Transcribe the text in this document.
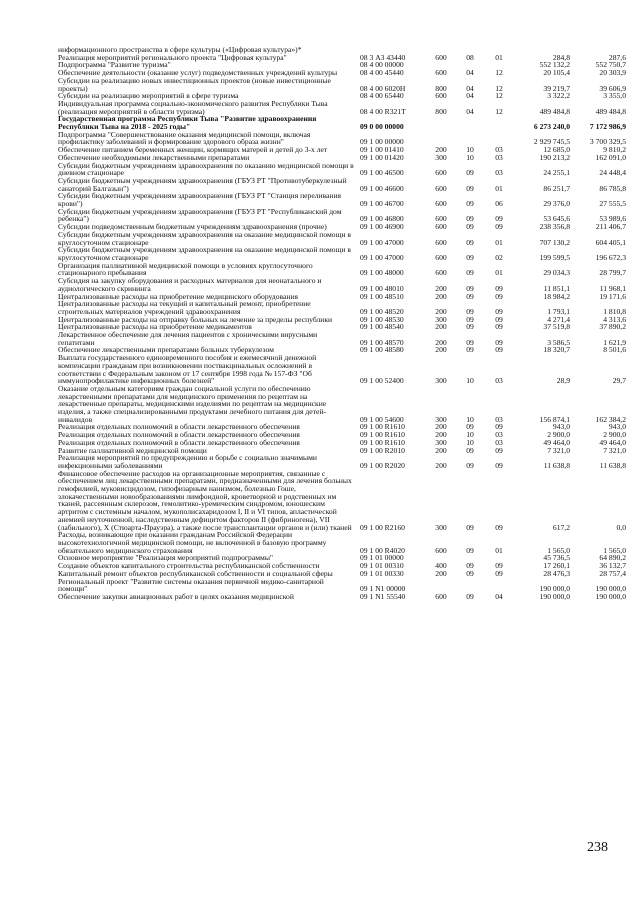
информационного пространства в сфере культуры («Цифровая культура»)*						
Реализация мероприятий регионального проекта "Цифровая культура"	08 3 А3 43440	600	08	01	284,8	287,6
Подпрограмма "Развитие туризма"	08 4 00 00000				552 132,2	552 750,7
Обеспечение деятельности (оказание услуг) подведомственных учреждений культуры	08 4 00 45440	600	04	12	20 105,4	20 303,9
Субсидии на реализацию новых инвестиционных проектов (новые инвестиционные проекты)	08 4 00 6020Н	800	04	12	39 219,7	39 606,9
Субсидии на реализацию мероприятий в сфере туризма	08 4 00 65440	600	04	12	3 322,2	3 355,0
Индивидуальная программа социально-экономического развития Республики Тыва (реализация мероприятий в области туризма)	08 4 00 R321T	800	04	12	489 484,8	489 484,8
Государственная программа Республики Тыва "Развитие здравоохранения Республики Тыва на 2018 - 2025 годы"	09 0 00 00000				6 273 240,0	7 172 986,9
Подпрограмма "Совершенствование оказания медицинской помощи, включая профилактику заболеваний и формирование здорового образа жизни"	09 1 00 00000				2 929 745,5	3 700 329,5
Обеспечение питанием беременных женщин, кормящих матерей и детей до 3-х лет	09 1 00 01410	200	10	03	12 685,0	9 810,2
Обеспечение необходимыми лекарственными препаратами	09 1 00 01420	300	10	03	190 213,2	162 091,0
Субсидии бюджетным учреждениям здравоохранения по оказанию медицинской помощи в дневном стационаре	09 1 00 46500	600	09	03	24 255,1	24 448,4
Субсидии бюджетным учреждениям здравоохранения (ГБУЗ РТ "Противотуберкулезный санаторий Балгазын")	09 1 00 46600	600	09	01	86 251,7	86 785,8
Субсидии бюджетным учреждениям здравоохранения (ГБУЗ РТ "Станция переливания крови")	09 1 00 46700	600	09	06	29 376,0	27 555,5
Субсидии бюджетным учреждениям здравоохранения (ГБУЗ РТ "Республиканский дом ребенка")	09 1 00 46800	600	09	09	53 645,6	53 989,6
Субсидии подведомственным бюджетным учреждениям здравоохранения (прочие)	09 1 00 46900	600	09	09	238 356,8	211 406,7
Субсидии бюджетным учреждениям здравоохранения на оказание медицинской помощи в круглосуточном стационаре	09 1 00 47000	600	09	01	707 130,2	604 405,1
Субсидии бюджетным учреждениям здравоохранения на оказание медицинской помощи в круглосуточном стационаре	09 1 00 47000	600	09	02	199 599,5	196 672,3
Организация паллиативной медицинской помощи в условиях круглосуточного стационарного пребывания	09 1 00 48000	600	09	01	29 034,3	28 799,7
Субсидия на закупку оборудования и расходных материалов для неонатального и аудиологического скрининга	09 1 00 48010	200	09	09	11 851,1	11 968,1
Централизованные расходы на приобретение медицинского оборудования	09 1 00 48510	200	09	09	18 984,2	19 171,6
Централизованные расходы на текущий и капитальный ремонт, приобретение строительных материалов учреждений здравоохранения	09 1 00 48520	200	09	09	1 793,1	1 810,8
Централизованные расходы на отправку больных на лечение за пределы республики	09 1 00 48530	300	09	09	4 271,4	4 313,6
Централизованные расходы на приобретение медикаментов	09 1 00 48540	200	09	09	37 519,8	37 890,2
Лекарственное обеспечение для лечения пациентов с хроническими вирусными гепатитами	09 1 00 48570	200	09	09	3 586,5	1 621,9
Обеспечение лекарственными препаратами больных туберкулезом	09 1 00 48580	200	09	09	18 320,7	8 501,6
Выплата государственного единовременного пособия и ежемесячной денежной компенсации гражданам при возникновении поствакцинальных осложнений в соответствии с Федеральным законом от 17 сентября 1998 года № 157-ФЗ "Об иммунопрофилактике инфекционных болезней"	09 1 00 52400	300	10	03	28,9	29,7
Оказание отдельным категориям граждан социальной услуги по обеспечению лекарственными препаратами для медицинского применения по рецептам на лекарственные препараты, медицинскими изделиями по рецептам на медицинские изделия, а также специализированными продуктами лечебного питания для детей-инвалидов	09 1 00 54600	300	10	03	156 874,1	162 384,2
Реализация отдельных полномочий в области лекарственного обеспечения	09 1 00 R1610	200	09	09	943,0	943,0
Реализация отдельных полномочий в области лекарственного обеспечения	09 1 00 R1610	200	10	03	2 900,0	2 900,0
Реализация отдельных полномочий в области лекарственного обеспечения	09 1 00 R1610	300	10	03	49 464,0	49 464,0
Развитие паллиативной медицинской помощи	09 1 00 R2010	200	09	09	7 321,0	7 321,0
Реализация мероприятий по предупреждению и борьбе с социально значимыми инфекционными заболеваниями	09 1 00 R2020	200	09	09	11 638,8	11 638,8
Финансовое обеспечение расходов на организационные мероприятия, связанные с обеспечением лиц лекарственными препаратами, предназначенными для лечения больных гемофилией, муковисцидозом, гипофизарным нанизмом, болезнью Гоше, злокачественными новообразованиями лимфоидной, кроветворной и родственных им тканей, рассеянным склерозом, гемолитико-уремическим синдромом, юношеским артритом с системным началом, мукополисахаридозом I, II и VI типов, апластической анемией неуточненной, наследственным дефицитом факторов II (фибриногена), VII (лабильного), X (Стюарта-Прауэра), а также после трансплантации органов и (или) тканей	09 1 00 R2160	300	09	09	617,2	0,0
Расходы, возникающие при оказании гражданам Российской Федерации высокотехнологичной медицинской помощи, не включенной в базовую программу обязательного медицинского страхования	09 1 00 R4020	600	09	01	1 565,0	1 565,0
Основное мероприятие "Реализация мероприятий подпрограммы"	09 1 01 00000				45 736,5	64 890,2
Создание объектов капитального строительства республиканской собственности	09 1 01 00310	400	09	09	17 260,1	36 132,7
Капитальный ремонт объектов республиканской собственности и социальной сферы	09 1 01 00330	200	09	09	28 476,3	28 757,4
Региональный проект "Развитие системы оказания первичной медико-санитарной помощи"	09 1 N1 00000				190 000,0	190 000,0
Обеспечение закупки авиационных работ в целях оказания медицинской	09 1 N1 55540	600	09	04	190 000,0	190 000,0
238
